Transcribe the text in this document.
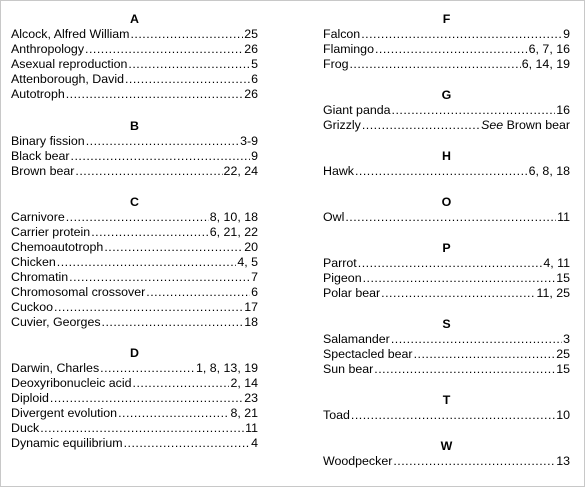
A
Alcock, Alfred William .....	25
Anthropology .....	26
Asexual reproduction .....	5
Attenborough, David .....	6
Autotroph .....	26
B
Binary fission .....	3-9
Black bear .....	9
Brown bear .....	22, 24
C
Carnivore .....	8, 10, 18
Carrier protein .....	6, 21, 22
Chemoautotroph .....	20
Chicken .....	4, 5
Chromatin .....	7
Chromosomal crossover .....	6
Cuckoo .....	17
Cuvier, Georges .....	18
D
Darwin, Charles .....	1, 8, 13, 19
Deoxyribonucleic acid .....	2, 14
Diploid .....	23
Divergent evolution .....	8, 21
Duck .....	11
Dynamic equilibrium .....	4
F
Falcon .....	9
Flamingo .....	6, 7, 16
Frog .....	6, 14, 19
G
Giant panda .....	16
Grizzly .....	See Brown bear
H
Hawk .....	6, 8, 18
O
Owl .....	11
P
Parrot .....	4, 11
Pigeon .....	15
Polar bear .....	11, 25
S
Salamander .....	3
Spectacled bear .....	25
Sun bear .....	15
T
Toad .....	10
W
Woodpecker .....	13
